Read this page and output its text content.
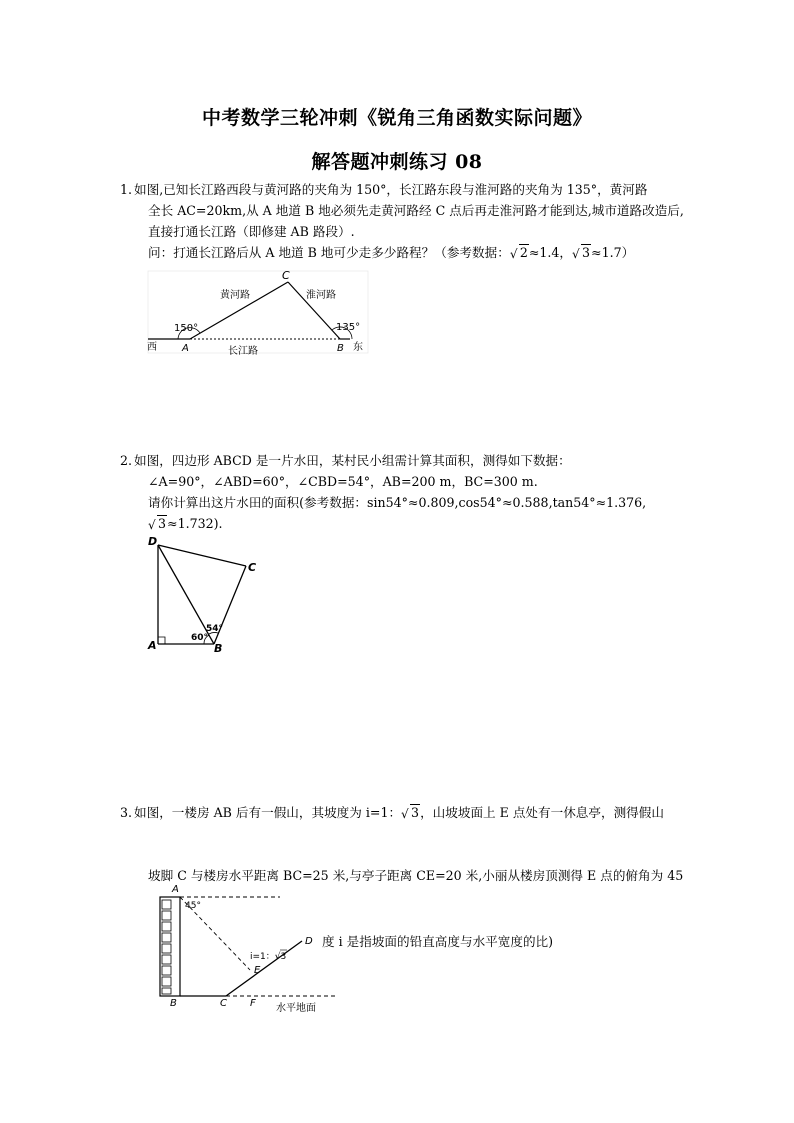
中考数学三轮冲刺《锐角三角函数实际问题》
解答题冲刺练习 08
1. 如图,已知长江路西段与黄河路的夹角为 150°，长江路东段与淮河路的夹角为 135°，黄河路
全长 AC=20km,从 A 地道 B 地必须先走黄河路经 C 点后再走淮河路才能到达,城市道路改造后,
直接打通长江路（即修建 AB 路段）.
问：打通长江路后从 A 地道 B 地可少走多少路程？（参考数据： √ 2≈1.4， √ 3≈1.7）
C
A	B
黄河路	淮河路
长江路
西	东
150°	135°
2. 如图，四边形 ABCD 是一片水田，某村民小组需计算其面积，测得如下数据：
∠A=90°，∠ABD=60°，∠CBD=54°，AB=200 m，BC=300 m.
请你计算出这片水田的面积(参考数据：sin54°≈0.809,cos54°≈0.588,tan54°≈1.376,
√ 3≈1.732).
D
C
A	B
54°
60°
3. 如图，一楼房 AB 后有一假山，其坡度为 i=1： √ 3，山坡坡面上 E 点处有一休息亭，测得假山
坡脚 C 与楼房水平距离 BC=25 米,与亭子距离 CE=20 米,小丽从楼房顶测得 E 点的俯角为 45
度 i 是指坡面的铅直高度与水平宽度的比)
A
45°
B	C F
D
E
i=1：√3
水平地面
